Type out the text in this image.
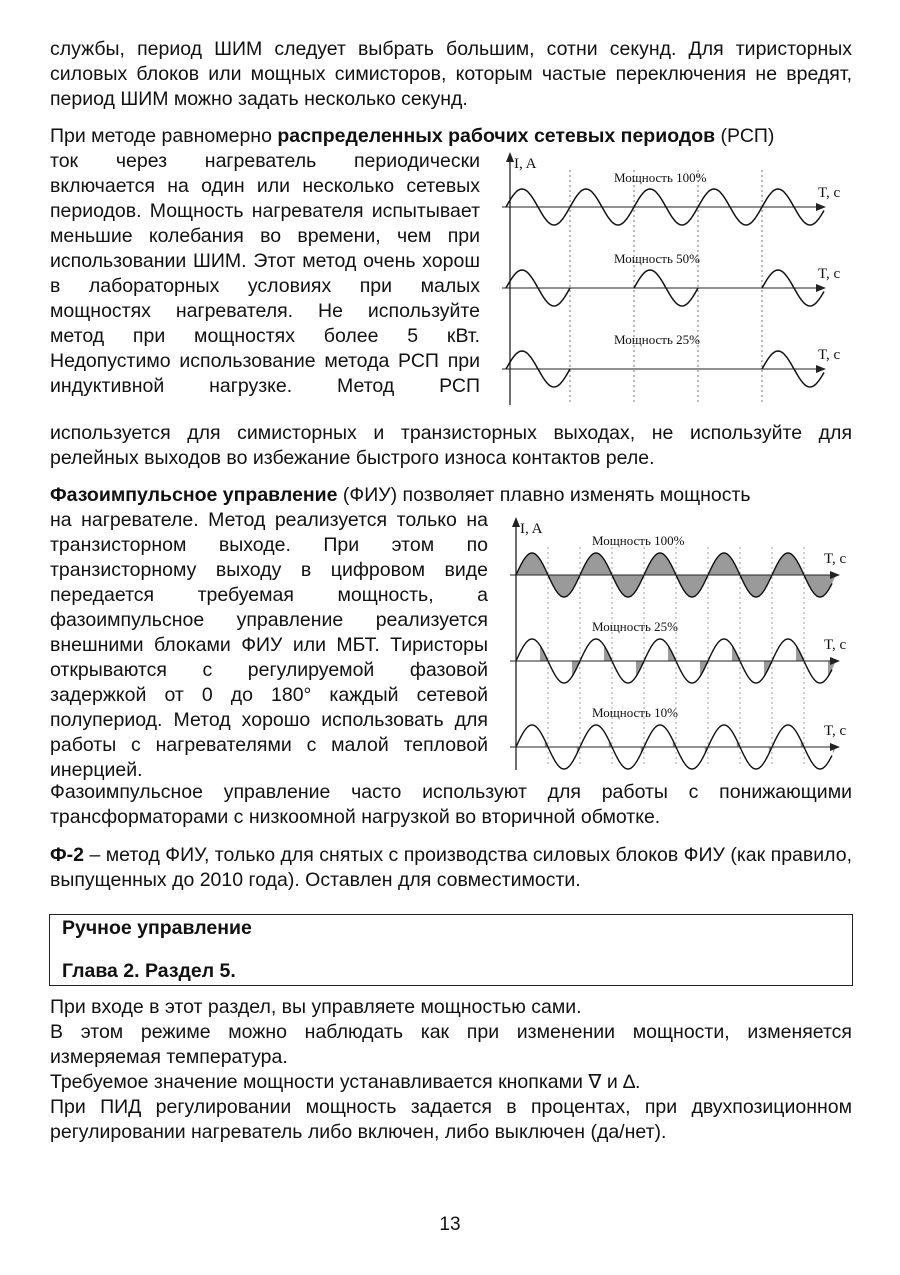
службы, период ШИМ следует выбрать большим, сотни секунд. Для тиристорных силовых блоков или мощных симисторов, которым частые переключения не вредят, период ШИМ можно задать несколько секунд.

При методе равномерно распределенных рабочих сетевых периодов (РСП)

ток через нагреватель периодически включается на один или несколько сетевых периодов. Мощность нагревателя испытывает меньшие колебания во времени, чем при использовании ШИМ. Этот метод очень хорош в лабораторных условиях при малых мощностях нагревателя. Не используйте метод при мощностях более 5 кВт. Недопустимо использование метода РСП при индуктивной нагрузке. Метод РСП

используется для симисторных и транзисторных выходах, не используйте для релейных выходов во избежание быстрого износа контактов реле.

I, A
T, c
Мощность 100%
T, c
Мощность 50%
T, c
Мощность 25%

Фазоимпульсное управление (ФИУ) позволяет плавно изменять мощность

на нагревателе. Метод реализуется только на транзисторном выходе. При этом по транзисторному выходу в цифровом виде передается требуемая мощность, а фазоимпульсное управление реализуется внешними блоками ФИУ или МБТ. Тиристоры открываются с регулируемой фазовой задержкой от 0 до 180° каждый сетевой полупериод. Метод хорошо использовать для работы с нагревателями с малой тепловой инерцией.

Фазоимпульсное управление часто используют для работы с понижающими трансформаторами с низкоомной нагрузкой во вторичной обмотке.

I, A
T, c
Мощность 100%
T, c
Мощность 25%
T, c
Мощность 10%

Ф-2 – метод ФИУ, только для снятых с производства силовых блоков ФИУ (как правило, выпущенных до 2010 года). Оставлен для совместимости.

Ручное управление
Глава 2. Раздел 5.

При входе в этот раздел, вы управляете мощностью сами.

В этом режиме можно наблюдать как при изменении мощности, изменяется измеряемая температура.

Требуемое значение мощности устанавливается кнопками ∇ и ∆.

При ПИД регулировании мощность задается в процентах, при двухпозиционном регулировании нагреватель либо включен, либо выключен (да/нет).

13
